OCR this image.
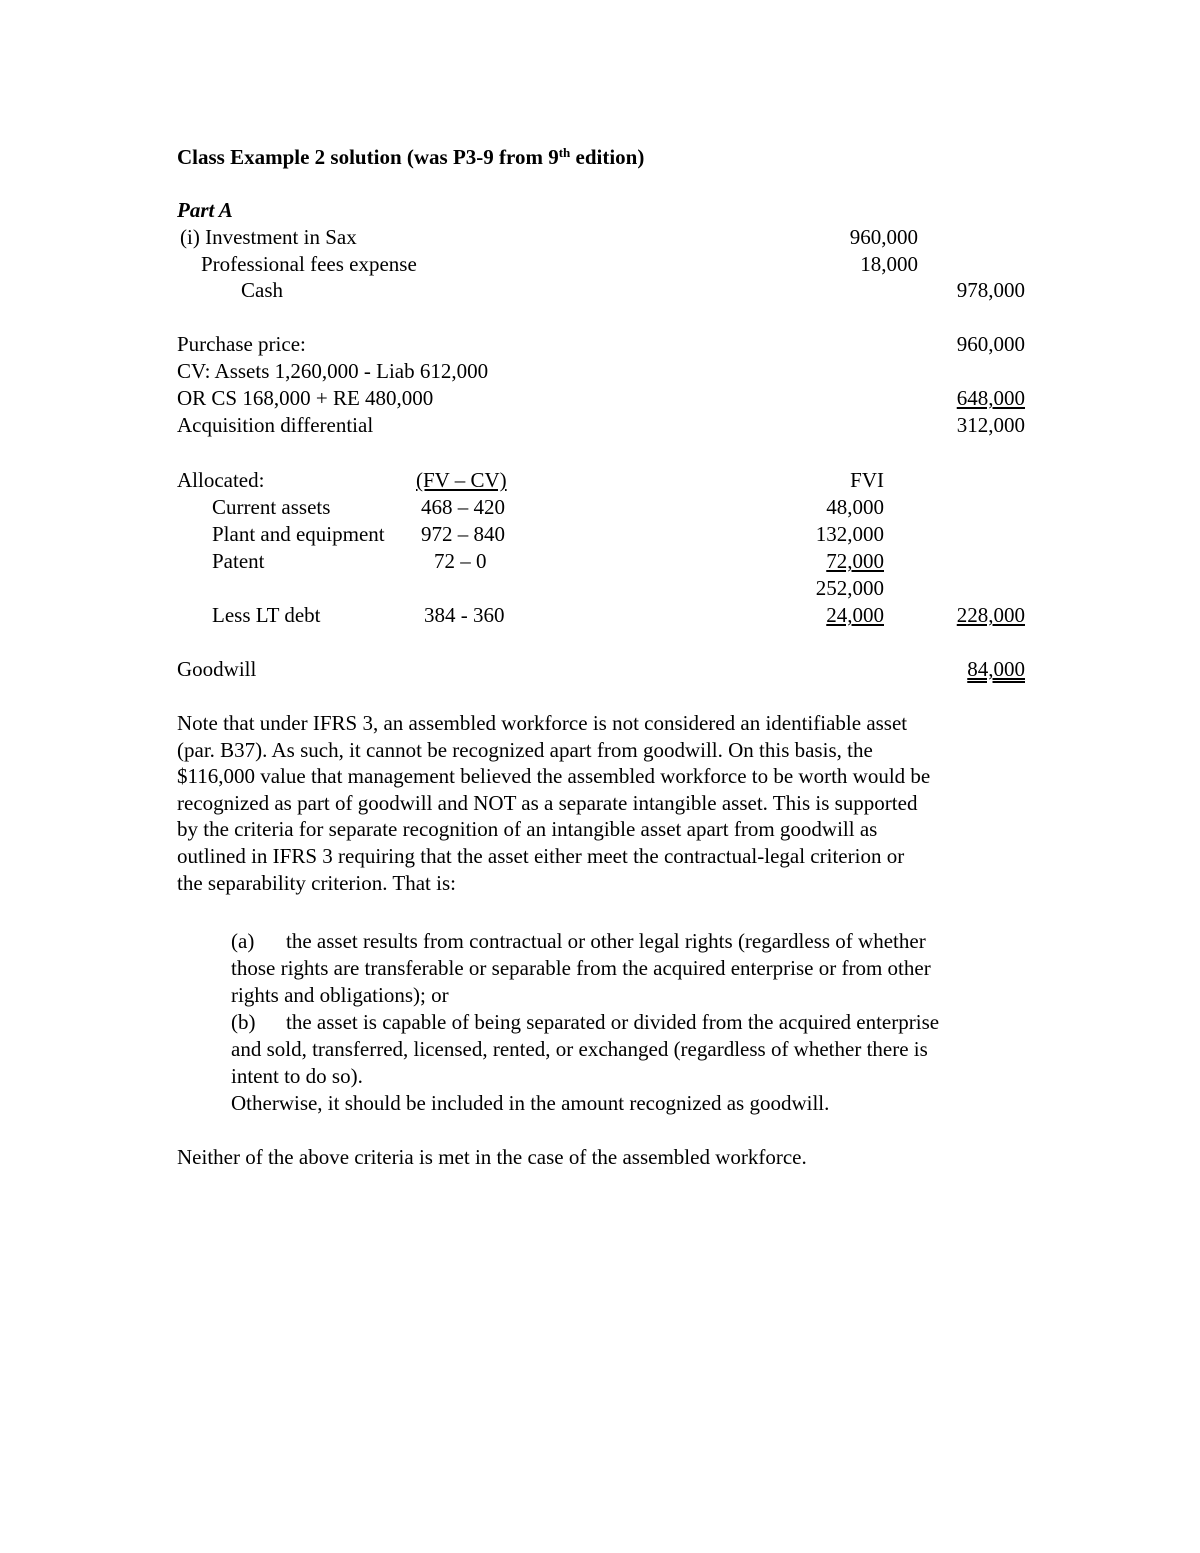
Class Example 2 solution (was P3-9 from 9th edition)
Part A
(i) Investment in Sax	960,000
Professional fees expense	18,000
Cash	978,000
Purchase price:	960,000
CV: Assets 1,260,000 - Liab 612,000
OR CS 168,000 + RE 480,000	648,000
Acquisition differential	312,000
Allocated:	(FV – CV)	FVI
Current assets	468 – 420	48,000
Plant and equipment 972 – 840	132,000
Patent	72 – 0	72,000
252,000
Less LT debt	384 - 360	24,000	228,000
Goodwill	84,000
Note that under IFRS 3, an assembled workforce is not considered an identifiable asset
(par. B37). As such, it cannot be recognized apart from goodwill. On this basis, the
$116,000 value that management believed the assembled workforce to be worth would be
recognized as part of goodwill and NOT as a separate intangible asset. This is supported
by the criteria for separate recognition of an intangible asset apart from goodwill as
outlined in IFRS 3 requiring that the asset either meet the contractual-legal criterion or
the separability criterion. That is:
(a) the asset results from contractual or other legal rights (regardless of whether
those rights are transferable or separable from the acquired enterprise or from other
rights and obligations); or
(b) the asset is capable of being separated or divided from the acquired enterprise
and sold, transferred, licensed, rented, or exchanged (regardless of whether there is
intent to do so).
Otherwise, it should be included in the amount recognized as goodwill.
Neither of the above criteria is met in the case of the assembled workforce.
